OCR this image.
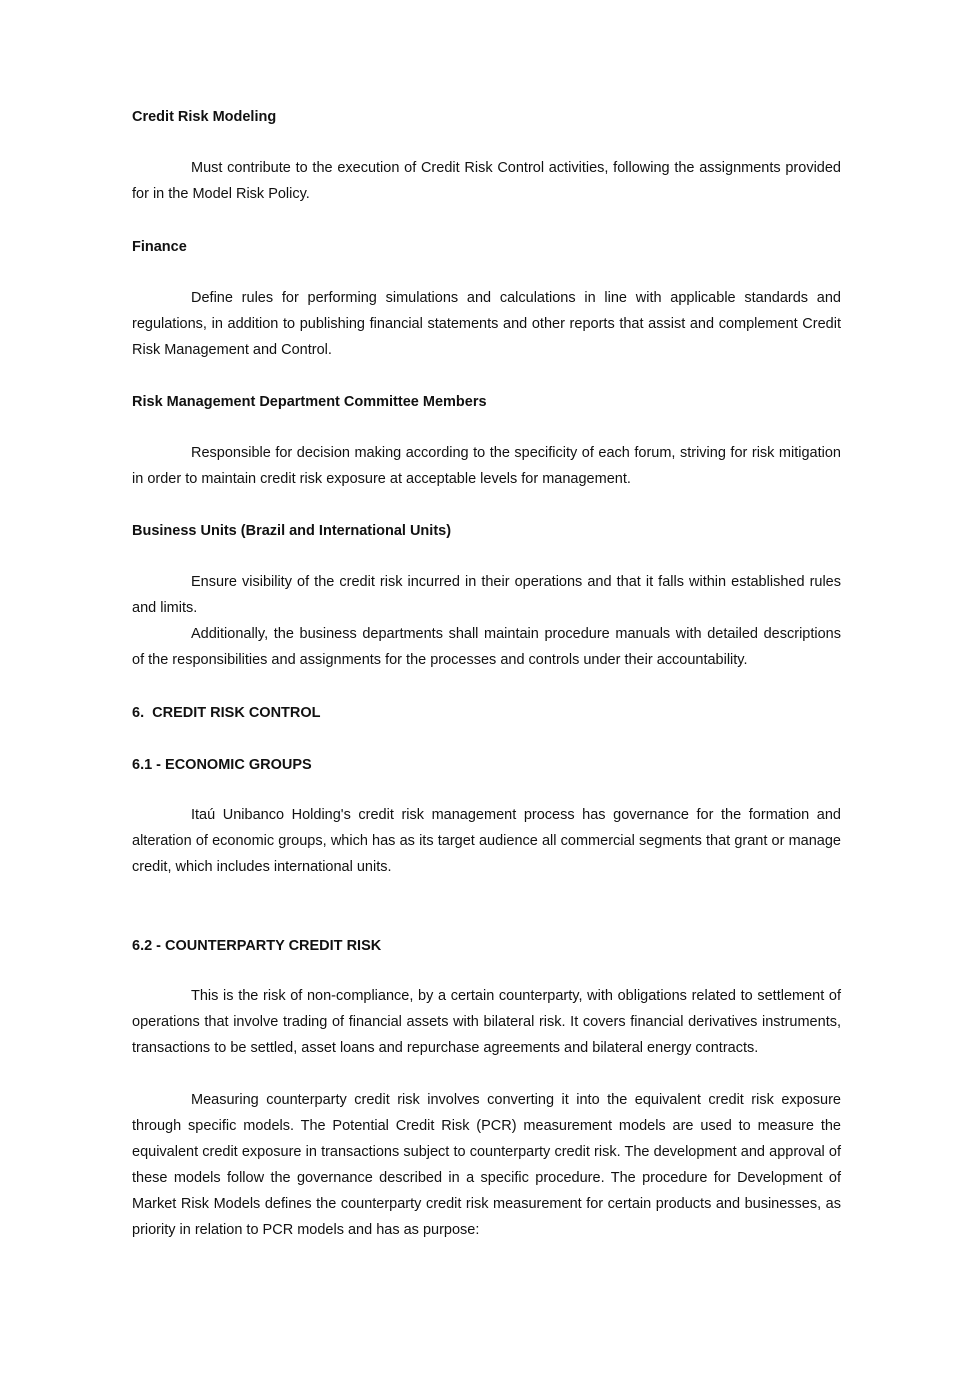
Credit Risk Modeling
Must contribute to the execution of Credit Risk Control activities, following the assignments provided for in the Model Risk Policy.
Finance
Define rules for performing simulations and calculations in line with applicable standards and regulations, in addition to publishing financial statements and other reports that assist and complement Credit Risk Management and Control.
Risk Management Department Committee Members
Responsible for decision making according to the specificity of each forum, striving for risk mitigation in order to maintain credit risk exposure at acceptable levels for management.
Business Units (Brazil and International Units)
Ensure visibility of the credit risk incurred in their operations and that it falls within established rules and limits.
Additionally, the business departments shall maintain procedure manuals with detailed descriptions of the responsibilities and assignments for the processes and controls under their accountability.
6.  CREDIT RISK CONTROL
6.1 - ECONOMIC GROUPS
Itaú Unibanco Holding's credit risk management process has governance for the formation and alteration of economic groups, which has as its target audience all commercial segments that grant or manage credit, which includes international units.
6.2 - COUNTERPARTY CREDIT RISK
This is the risk of non-compliance, by a certain counterparty, with obligations related to settlement of operations that involve trading of financial assets with bilateral risk. It covers financial derivatives instruments, transactions to be settled, asset loans and repurchase agreements and bilateral energy contracts.
Measuring counterparty credit risk involves converting it into the equivalent credit risk exposure through specific models. The Potential Credit Risk (PCR) measurement models are used to measure the equivalent credit exposure in transactions subject to counterparty credit risk. The development and approval of these models follow the governance described in a specific procedure. The procedure for Development of Market Risk Models defines the counterparty credit risk measurement for certain products and businesses, as priority in relation to PCR models and has as purpose:
